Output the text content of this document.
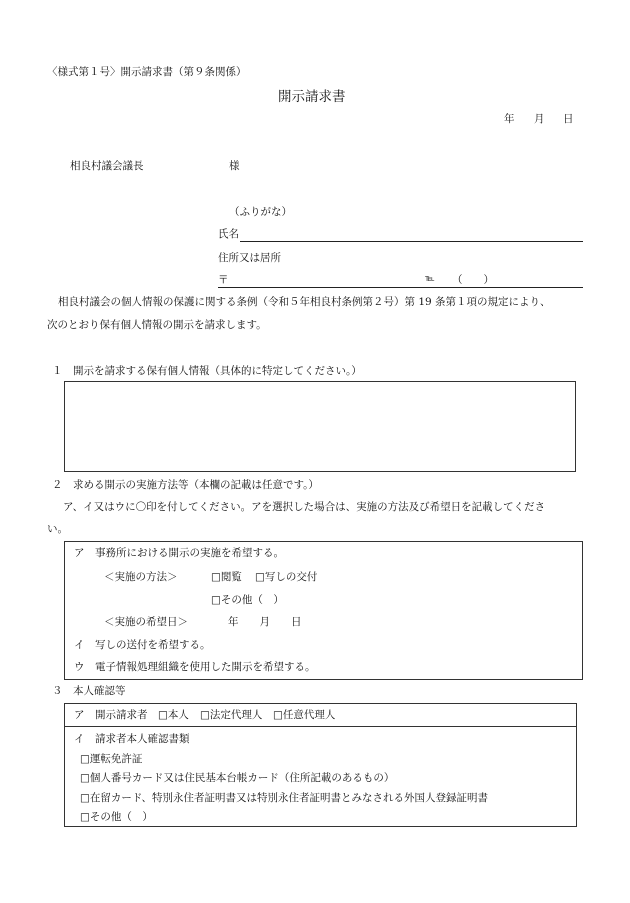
〈様式第１号〉開示請求書（第９条関係）
開示請求書
年 月 日
相良村議会議長	様
（ふりがな）
氏名
住所又は居所
〒	℡ （　　）
相良村議会の個人情報の保護に関する条例（令和５年相良村条例第２号）第 19 条第１項の規定により、
次のとおり保有個人情報の開示を請求します。
１　開示を請求する保有個人情報（具体的に特定してください。）
２　求める開示の実施方法等（本欄の記載は任意です。）
ア、イ又はウに〇印を付してください。アを選択した場合は、実施の方法及び希望日を記載してくださ
い。
ア　事務所における開示の実施を希望する。
＜実施の方法＞	□閲覧 □写しの交付
□その他（　）
＜実施の希望日＞	年　　月　　日
イ　写しの送付を希望する。
ウ　電子情報処理組織を使用した開示を希望する。
３　本人確認等
ア　開示請求者 □本人 □法定代理人 □任意代理人
イ　請求者本人確認書類
□運転免許証
□個人番号カード又は住民基本台帳カード（住所記載のあるもの）
□在留カード、特別永住者証明書又は特別永住者証明書とみなされる外国人登録証明書
□その他（　）
